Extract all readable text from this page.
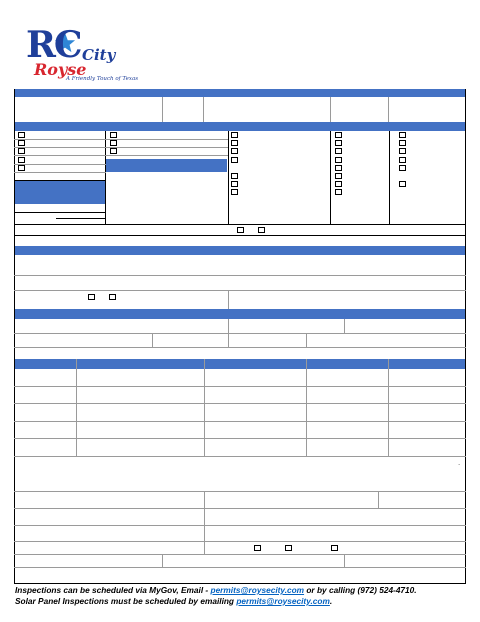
RC City
Royse
A Friendly Touch of Texas
.
Inspections can be scheduled via MyGov, Email - permits@roysecity.com or by calling (972) 524-4710.
Solar Panel Inspections must be scheduled by emailing permits@roysecity.com.
